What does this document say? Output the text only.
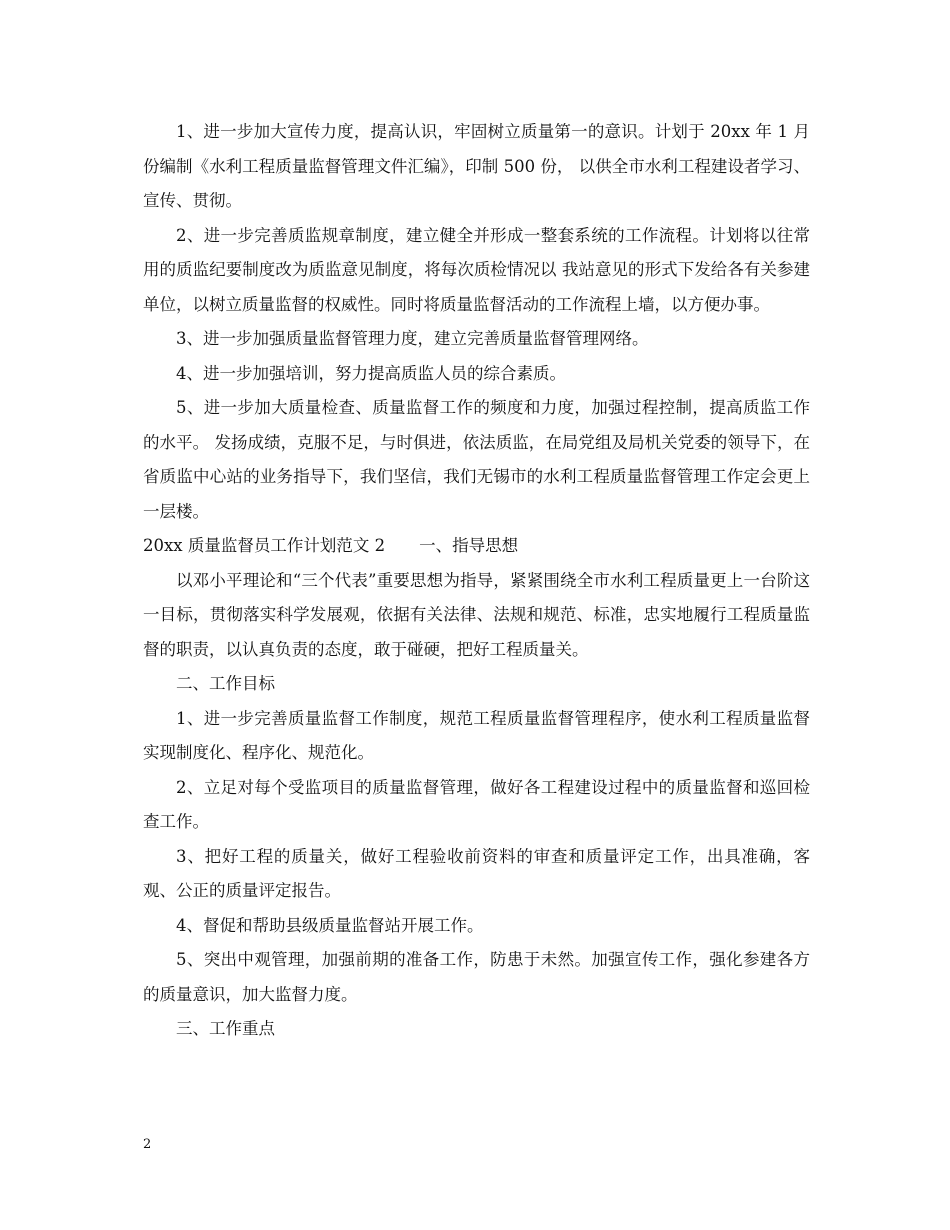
1、进一步加大宣传力度，提高认识，牢固树立质量第一的意识。计划于 20xx 年 1 月份编制《水利工程质量监督管理文件汇编》，印制 500 份， 以供全市水利工程建设者学习、宣传、贯彻。

2、进一步完善质监规章制度，建立健全并形成一整套系统的工作流程。计划将以往常用的质监纪要制度改为质监意见制度，将每次质检情况以 我站意见的形式下发给各有关参建单位，以树立质量监督的权威性。同时将质量监督活动的工作流程上墙，以方便办事。

3、进一步加强质量监督管理力度，建立完善质量监督管理网络。

4、进一步加强培训，努力提高质监人员的综合素质。

5、进一步加大质量检查、质量监督工作的频度和力度，加强过程控制，提高质监工作的水平。 发扬成绩，克服不足，与时俱进，依法质监，在局党组及局机关党委的领导下，在省质监中心站的业务指导下，我们坚信，我们无锡市的水利工程质量监督管理工作定会更上一层楼。

20xx 质量监督员工作计划范文 2 一、指导思想

以邓小平理论和“三个代表”重要思想为指导，紧紧围绕全市水利工程质量更上一台阶这一目标，贯彻落实科学发展观，依据有关法律、法规和规范、标准，忠实地履行工程质量监督的职责，以认真负责的态度，敢于碰硬，把好工程质量关。

二、工作目标

1、进一步完善质量监督工作制度，规范工程质量监督管理程序，使水利工程质量监督实现制度化、程序化、规范化。

2、立足对每个受监项目的质量监督管理，做好各工程建设过程中的质量监督和巡回检查工作。

3、把好工程的质量关，做好工程验收前资料的审查和质量评定工作，出具准确，客观、公正的质量评定报告。

4、督促和帮助县级质量监督站开展工作。

5、突出中观管理，加强前期的准备工作，防患于未然。加强宣传工作，强化参建各方的质量意识，加大监督力度。

三、工作重点

2
